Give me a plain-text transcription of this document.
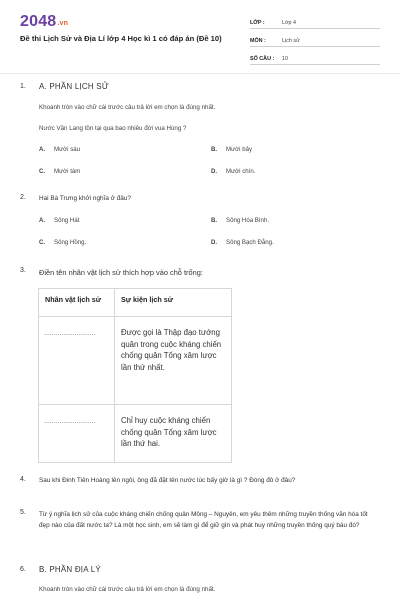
2048.vn
Đề thi Lịch Sử và Địa Lí lớp 4 Học kì 1 có đáp án (Đề 10)
LỚP :	Lớp 4
MÔN :	Lịch sử
SỐ CÂU :	10
1. A. PHẦN LỊCH SỬ
Khoanh tròn vào chữ cái trước câu trả lời em chọn là đúng nhất.
Nước Văn Lang tồn tại qua bao nhiêu đời vua Hùng ?
A. Mười sáu	B. Mười bảy
C. Mười tám	D. Mười chín.
2. Hai Bà Trưng khởi nghĩa ở đâu?
A. Sông Hát	B. Sông Hóa Bình.
C. Sông Hồng.	D. Sông Bạch Đằng.
3. Điền tên nhân vật lịch sử thích hợp vào chỗ trống:
4. Sau khi Đinh Tiên Hoàng lên ngôi, ông đã đặt tên nước lúc bấy giờ là gì ? Đóng đô ở đâu?
5. Từ ý nghĩa lịch sử của cuộc kháng chiến chống quân Mông – Nguyên, em yêu thêm những truyền thống văn hóa tốt đẹp nào của đất nước ta? Là một học sinh, em sẽ làm gì để giữ gìn và phát huy những truyền thống quý báu đó?
6. B. PHẦN ĐỊA LÝ
Khoanh tròn vào chữ cái trước câu trả lời em chọn là đúng nhất.
Nhân vật lịch sử	Sự kiện lịch sử
………………………	Được gọi là Thập đạo tướng quân trong cuộc kháng chiến chống quân Tống xâm lược lần thứ nhất.
………………………	Chỉ huy cuộc kháng chiến chống quân Tống xâm lược lần thứ hai.
